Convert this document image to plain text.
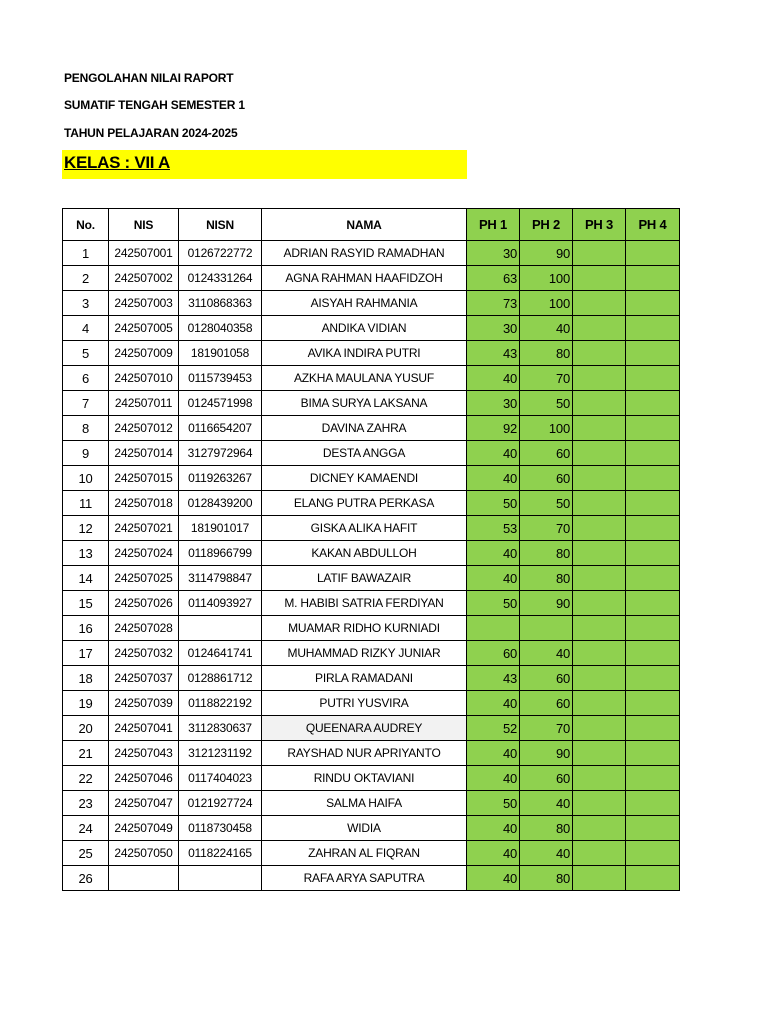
PENGOLAHAN NILAI RAPORT
SUMATIF TENGAH SEMESTER 1
TAHUN PELAJARAN 2024-2025
KELAS : VII A
No.	NIS	NISN	NAMA	PH 1	PH 2	PH 3	PH 4
1	242507001	0126722772	ADRIAN RASYID RAMADHAN	30	90		
2	242507002	0124331264	AGNA RAHMAN HAAFIDZOH	63	100		
3	242507003	3110868363	AISYAH RAHMANIA	73	100		
4	242507005	0128040358	ANDIKA VIDIAN	30	40		
5	242507009	181901058	AVIKA INDIRA PUTRI	43	80		
6	242507010	0115739453	AZKHA MAULANA YUSUF	40	70		
7	242507011	0124571998	BIMA SURYA LAKSANA	30	50		
8	242507012	0116654207	DAVINA ZAHRA	92	100		
9	242507014	3127972964	DESTA ANGGA	40	60		
10	242507015	0119263267	DICNEY KAMAENDI	40	60		
11	242507018	0128439200	ELANG PUTRA PERKASA	50	50		
12	242507021	181901017	GISKA ALIKA HAFIT	53	70		
13	242507024	0118966799	KAKAN ABDULLOH	40	80		
14	242507025	3114798847	LATIF BAWAZAIR	40	80		
15	242507026	0114093927	M. HABIBI SATRIA FERDIYAN	50	90		
16	242507028		MUAMAR RIDHO KURNIADI				
17	242507032	0124641741	MUHAMMAD RIZKY JUNIAR	60	40		
18	242507037	0128861712	PIRLA RAMADANI	43	60		
19	242507039	0118822192	PUTRI YUSVIRA	40	60		
20	242507041	3112830637	QUEENARA AUDREY	52	70		
21	242507043	3121231192	RAYSHAD NUR APRIYANTO	40	90		
22	242507046	0117404023	RINDU OKTAVIANI	40	60		
23	242507047	0121927724	SALMA HAIFA	50	40		
24	242507049	0118730458	WIDIA	40	80		
25	242507050	0118224165	ZAHRAN AL FIQRAN	40	40		
26			RAFA ARYA SAPUTRA	40	80		
